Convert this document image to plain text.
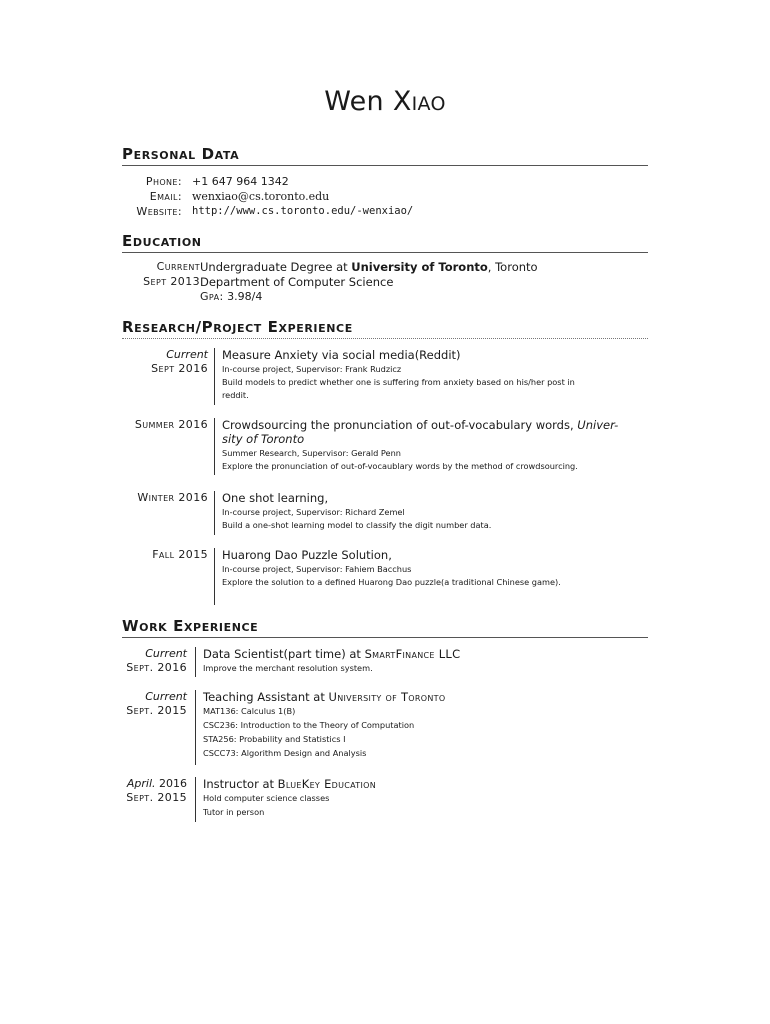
Wen Xiao
Personal Data
Phone: +1 647 964 1342
Email: wenxiao@cs.toronto.edu
Website: http://www.cs.toronto.edu/-wenxiao/
Education
Current Undergraduate Degree at University of Toronto, Toronto
Sept 2013 Department of Computer Science
Gpa: 3.98/4
Research/Project Experience
Current
Sept 2016
Measure Anxiety via social media(Reddit)
In-course project, Supervisor: Frank Rudzicz
Build models to predict whether one is suffering from anxiety based on his/her post in
reddit.
Summer 2016 Crowdsourcing the pronunciation of out-of-vocabulary words, Univer-
sity of Toronto
Summer Research, Supervisor: Gerald Penn
Explore the pronunciation of out-of-vocaublary words by the method of crowdsourcing.
Winter 2016 One shot learning,
In-course project, Supervisor: Richard Zemel
Build a one-shot learning model to classify the digit number data.
Fall 2015 Huarong Dao Puzzle Solution,
In-course project, Supervisor: Fahiem Bacchus
Explore the solution to a defined Huarong Dao puzzle(a traditional Chinese game).
Work Experience
Current
Sept. 2016
Data Scientist(part time) at SmartFinance LLC
Improve the merchant resolution system.
Current
Sept. 2015
Teaching Assistant at University of Toronto
MAT136: Calculus 1(B)
CSC236: Introduction to the Theory of Computation
STA256: Probability and Statistics I
CSCC73: Algorithm Design and Analysis
April. 2016
Sept. 2015
Instructor at BlueKey Education
Hold computer science classes
Tutor in person
